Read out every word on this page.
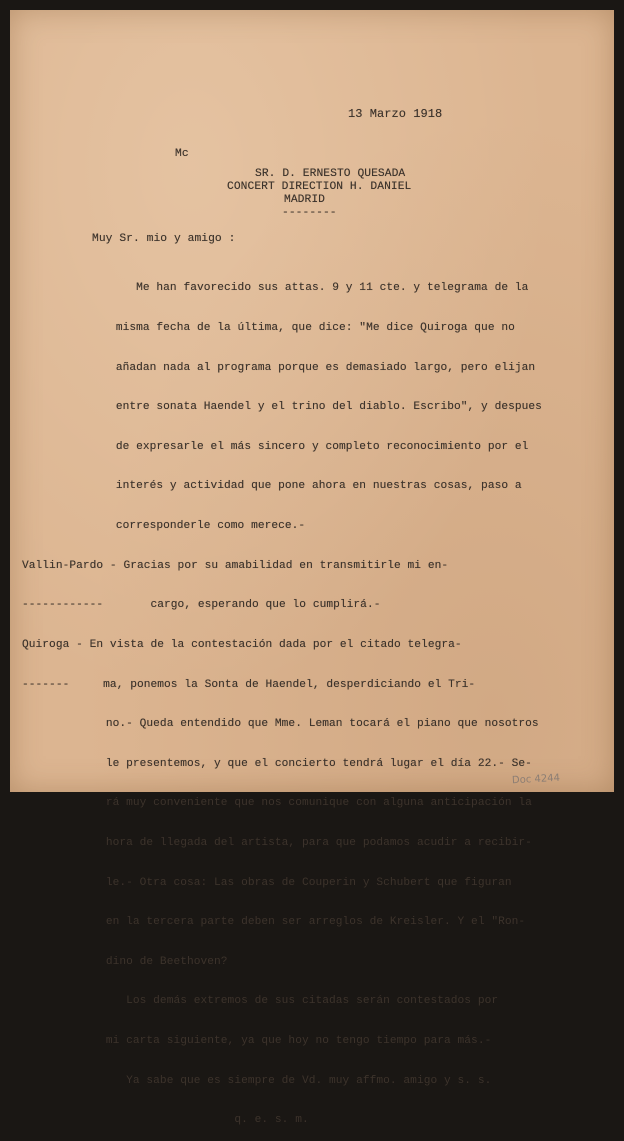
13 Marzo 1918
Mc
SR. D. ERNESTO QUESADA
CONCERT DIRECTION H. DANIEL
MADRID
--------
Muy Sr. mio y amigo :

Me han favorecido sus attas. 9 y 11 cte. y telegrama de la

misma fecha de la última, que dice: "Me dice Quiroga que no

añadan nada al programa porque es demasiado largo, pero elijan

entre sonata Haendel y el trino del diablo. Escribo", y despues

de expresarle el más sincero y completo reconocimiento por el

interés y actividad que pone ahora en nuestras cosas, paso a

corresponderle como merece.-

Vallin-Pardo - Gracias por su amabilidad en transmitirle mi en-

------------       cargo, esperando que lo cumplirá.-

Quiroga - En vista de la contestación dada por el citado telegra-

-------     ma, ponemos la Sonta de Haendel, desperdiciando el Tri-

no.- Queda entendido que Mme. Leman tocará el piano que nosotros

le presentemos, y que el concierto tendrá lugar el día 22.- Se-

rá muy conveniente que nos comunique con alguna anticipación la

hora de llegada del artista, para que podamos acudir a recibir-

le.- Otra cosa: Las obras de Couperin y Schubert que figuran

en la tercera parte deben ser arreglos de Kreisler. Y el "Ron-

dino de Beethoven?

Los demás extremos de sus citadas serán contestados por

mi carta siguiente, ya que hoy no tengo tiempo para más.-

Ya sabe que es siempre de Vd. muy affmo. amigo y s. s.

q. e. s. m.

Doc 4244
